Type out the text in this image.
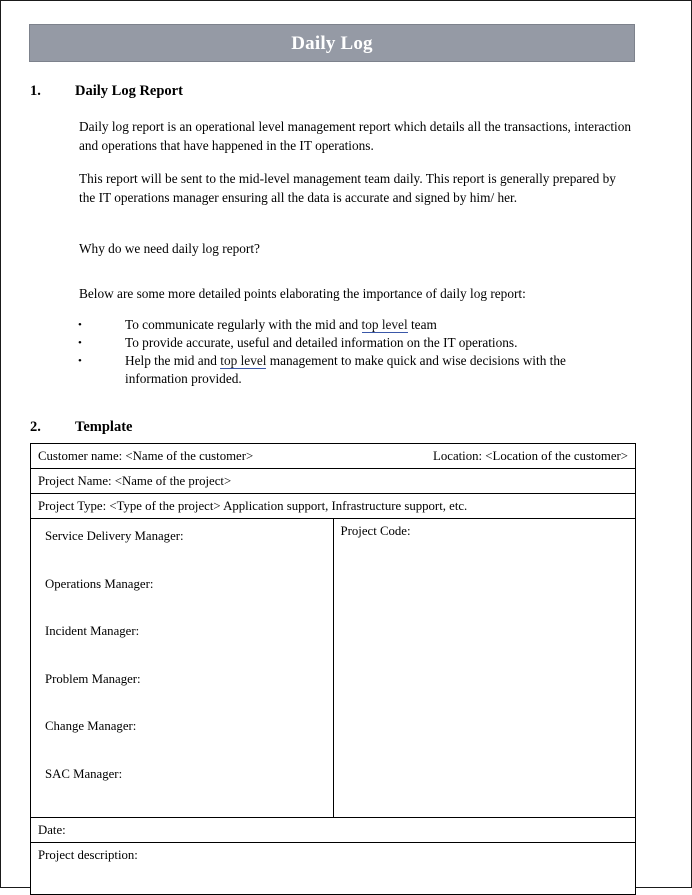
Daily Log
1.	Daily Log Report

Daily log report is an operational level management report which details all the transactions, interaction and operations that have happened in the IT operations.

This report will be sent to the mid-level management team daily. This report is generally prepared by the IT operations manager ensuring all the data is accurate and signed by him/ her.

Why do we need daily log report?

Below are some more detailed points elaborating the importance of daily log report:

•	To communicate regularly with the mid and top level team
•	To provide accurate, useful and detailed information on the IT operations.
•	Help the mid and top level management to make quick and wise decisions with the information provided.
2.	Template
Customer name: <Name of the customer>	Location: <Location of the customer>

Project Name: <Name of the project>
Project Type: <Type of the project> Application support, Infrastructure support, etc.

Service Delivery Manager:
Operations Manager:
Incident Manager:
Problem Manager:
Change Manager:
SAC Manager:
	Project Code:
Date:
Project description:
